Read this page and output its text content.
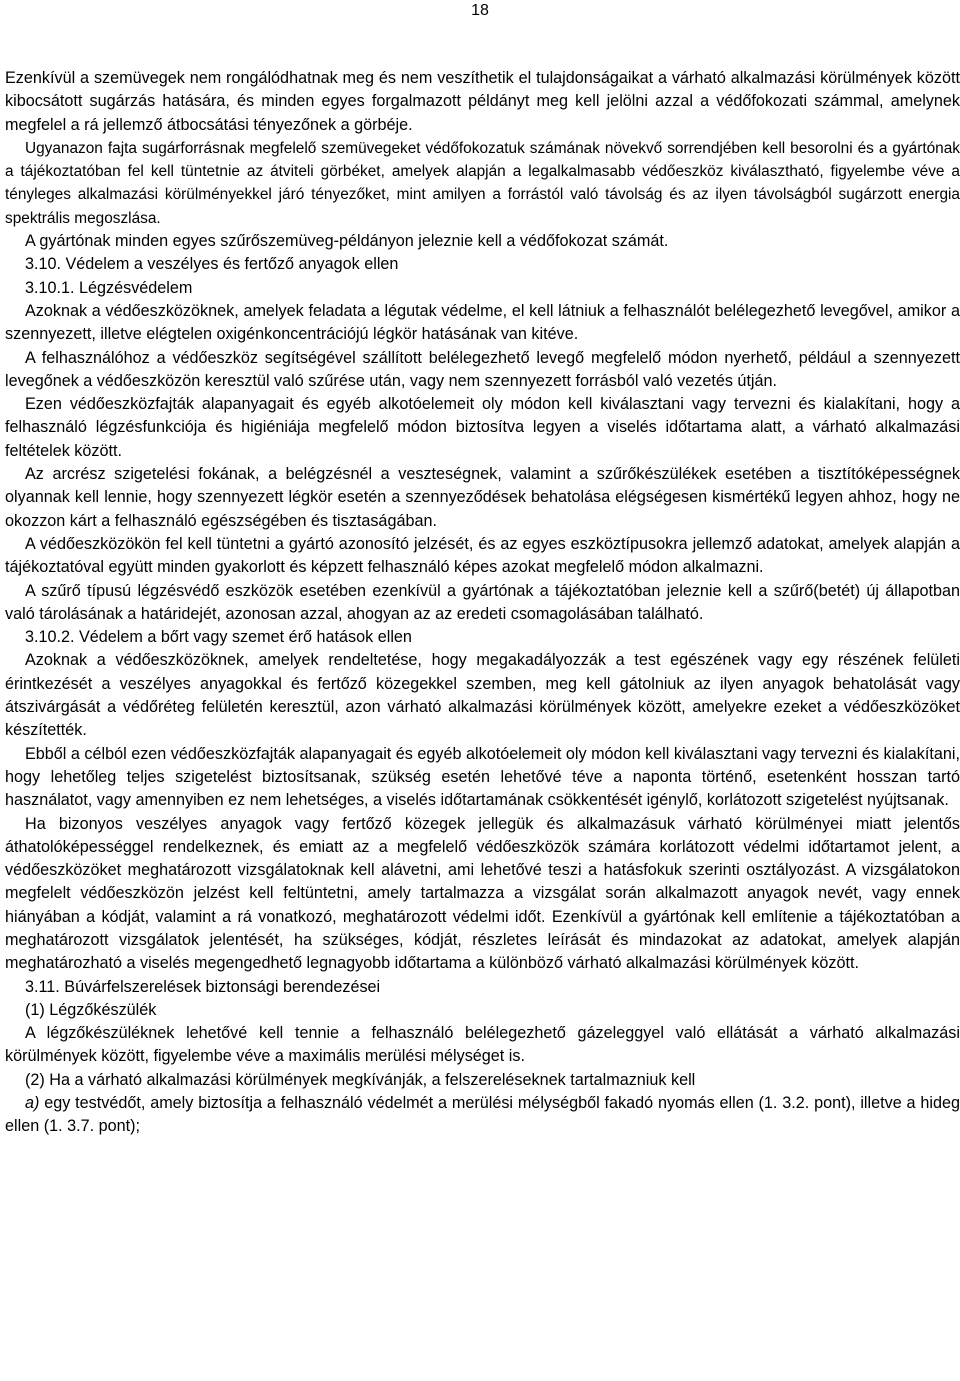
18

Ezenkívül a szemüvegek nem rongálódhatnak meg és nem veszíthetik el tulajdonságaikat a várható alkalmazási körülmények között kibocsátott sugárzás hatására, és minden egyes forgalmazott példányt meg kell jelölni azzal a védőfokozati számmal, amelynek megfelel a rá jellemző átbocsátási tényezőnek a görbéje.

Ugyanazon fajta sugárforrásnak megfelelő szemüvegeket védőfokozatuk számának növekvő sorrendjében kell besorolni és a gyártónak a tájékoztatóban fel kell tüntetnie az átviteli görbéket, amelyek alapján a legalkalmasabb védőeszköz kiválasztható, figyelembe véve a tényleges alkalmazási körülményekkel járó tényezőket, mint amilyen a forrástól való távolság és az ilyen távolságból sugárzott energia spektrális megoszlása.

A gyártónak minden egyes szűrőszemüveg-példányon jeleznie kell a védőfokozat számát.

3.10. Védelem a veszélyes és fertőző anyagok ellen

3.10.1. Légzésvédelem

Azoknak a védőeszközöknek, amelyek feladata a légutak védelme, el kell látniuk a felhasználót belélegezhető levegővel, amikor a szennyezett, illetve elégtelen oxigénkoncentrációjú légkör hatásának van kitéve.

A felhasználóhoz a védőeszköz segítségével szállított belélegezhető levegő megfelelő módon nyerhető, például a szennyezett levegőnek a védőeszközön keresztül való szűrése után, vagy nem szennyezett forrásból való vezetés útján.

Ezen védőeszközfajták alapanyagait és egyéb alkotóelemeit oly módon kell kiválasztani vagy tervezni és kialakítani, hogy a felhasználó légzésfunkciója és higiéniája megfelelő módon biztosítva legyen a viselés időtartama alatt, a várható alkalmazási feltételek között.

Az arcrész szigetelési fokának, a belégzésnél a veszteségnek, valamint a szűrőkészülékek esetében a tisztítóképességnek olyannak kell lennie, hogy szennyezett légkör esetén a szennyeződések behatolása elégségesen kismértékű legyen ahhoz, hogy ne okozzon kárt a felhasználó egészségében és tisztaságában.

A védőeszközökön fel kell tüntetni a gyártó azonosító jelzését, és az egyes eszköztípusokra jellemző adatokat, amelyek alapján a tájékoztatóval együtt minden gyakorlott és képzett felhasználó képes azokat megfelelő módon alkalmazni.

A szűrő típusú légzésvédő eszközök esetében ezenkívül a gyártónak a tájékoztatóban jeleznie kell a szűrő(betét) új állapotban való tárolásának a határidejét, azonosan azzal, ahogyan az az eredeti csomagolásában található.

3.10.2. Védelem a bőrt vagy szemet érő hatások ellen

Azoknak a védőeszközöknek, amelyek rendeltetése, hogy megakadályozzák a test egészének vagy egy részének felületi érintkezését a veszélyes anyagokkal és fertőző közegekkel szemben, meg kell gátolniuk az ilyen anyagok behatolását vagy átszivárgását a védőréteg felületén keresztül, azon várható alkalmazási körülmények között, amelyekre ezeket a védőeszközöket készítették.

Ebből a célból ezen védőeszközfajták alapanyagait és egyéb alkotóelemeit oly módon kell kiválasztani vagy tervezni és kialakítani, hogy lehetőleg teljes szigetelést biztosítsanak, szükség esetén lehetővé téve a naponta történő, esetenként hosszan tartó használatot, vagy amennyiben ez nem lehetséges, a viselés időtartamának csökkentését igénylő, korlátozott szigetelést nyújtsanak.

Ha bizonyos veszélyes anyagok vagy fertőző közegek jellegük és alkalmazásuk várható körülményei miatt jelentős áthatolóképességgel rendelkeznek, és emiatt az a megfelelő védőeszközök számára korlátozott védelmi időtartamot jelent, a védőeszközöket meghatározott vizsgálatoknak kell alávetni, ami lehetővé teszi a hatásfokuk szerinti osztályozást. A vizsgálatokon megfelelt védőeszközön jelzést kell feltüntetni, amely tartalmazza a vizsgálat során alkalmazott anyagok nevét, vagy ennek hiányában a kódját, valamint a rá vonatkozó, meghatározott védelmi időt. Ezenkívül a gyártónak kell említenie a tájékoztatóban a meghatározott vizsgálatok jelentését, ha szükséges, kódját, részletes leírását és mindazokat az adatokat, amelyek alapján meghatározható a viselés megengedhető legnagyobb időtartama a különböző várható alkalmazási körülmények között.

3.11. Búvárfelszerelések biztonsági berendezései

(1) Légzőkészülék

A légzőkészüléknek lehetővé kell tennie a felhasználó belélegezhető gázeleggyel való ellátását a várható alkalmazási körülmények között, figyelembe véve a maximális merülési mélységet is.

(2) Ha a várható alkalmazási körülmények megkívánják, a felszereléseknek tartalmazniuk kell

a) egy testvédőt, amely biztosítja a felhasználó védelmét a merülési mélységből fakadó nyomás ellen (1. 3.2. pont), illetve a hideg ellen (1. 3.7. pont);
